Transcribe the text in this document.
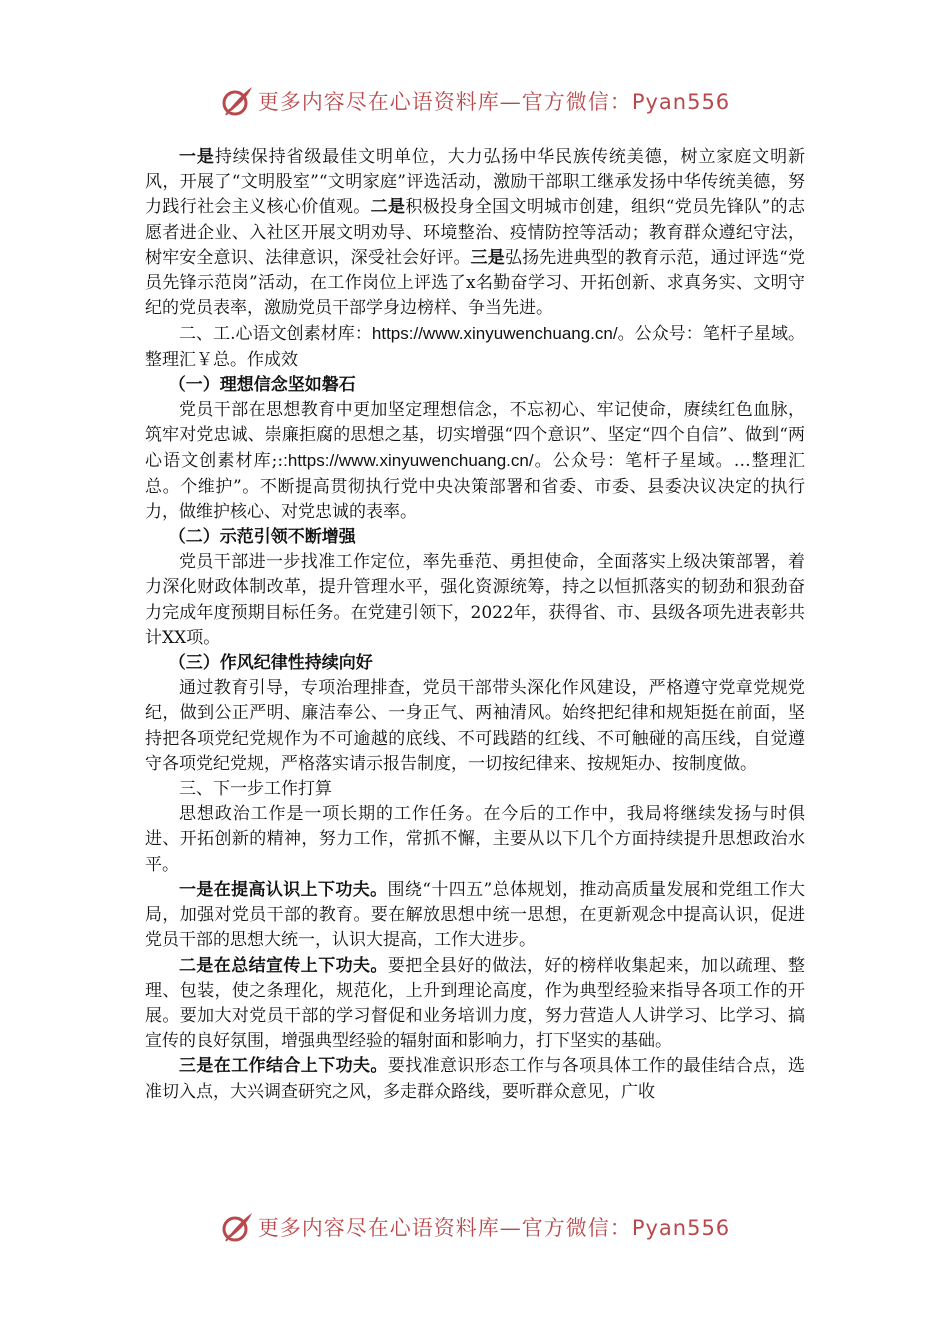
更多内容尽在心语资料库—官方微信：Pyan556

一是持续保持省级最佳文明单位，大力弘扬中华民族传统美德，树立家庭文明新风，开展了“文明股室”“文明家庭”评选活动，激励干部职工继承发扬中华传统美德，努力践行社会主义核心价值观。二是积极投身全国文明城市创建，组织“党员先锋队”的志愿者进企业、入社区开展文明劝导、环境整治、疫情防控等活动；教育群众遵纪守法，树牢安全意识、法律意识，深受社会好评。三是弘扬先进典型的教育示范，通过评选“党员先锋示范岗”活动，在工作岗位上评选了x名勤奋学习、开拓创新、求真务实、文明守纪的党员表率，激励党员干部学身边榜样、争当先进。

二、工.心语文创素材库：https://www.xinyuwenchuang.cn/。公众号：笔杆子星域。整理汇￥总。作成效

（一）理想信念坚如磐石

党员干部在思想教育中更加坚定理想信念，不忘初心、牢记使命，赓续红色血脉，筑牢对党忠诚、崇廉拒腐的思想之基，切实增强“四个意识”、坚定“四个自信”、做到“两心语文创素材库;::https://www.xinyuwenchuang.cn/。公众号：笔杆子星域。…整理汇总。个维护”。不断提高贯彻执行党中央决策部署和省委、市委、县委决议决定的执行力，做维护核心、对党忠诚的表率。

（二）示范引领不断增强

党员干部进一步找准工作定位，率先垂范、勇担使命，全面落实上级决策部署，着力深化财政体制改革，提升管理水平，强化资源统筹，持之以恒抓落实的韧劲和狠劲奋力完成年度预期目标任务。在党建引领下，2022年，获得省、市、县级各项先进表彰共计XX项。

（三）作风纪律性持续向好

通过教育引导，专项治理排查，党员干部带头深化作风建设，严格遵守党章党规党纪，做到公正严明、廉洁奉公、一身正气、两袖清风。始终把纪律和规矩挺在前面，坚持把各项党纪党规作为不可逾越的底线、不可践踏的红线、不可触碰的高压线，自觉遵守各项党纪党规，严格落实请示报告制度，一切按纪律来、按规矩办、按制度做。

三、下一步工作打算

思想政治工作是一项长期的工作任务。在今后的工作中，我局将继续发扬与时俱进、开拓创新的精神，努力工作，常抓不懈，主要从以下几个方面持续提升思想政治水平。

一是在提高认识上下功夫。围绕“十四五”总体规划，推动高质量发展和党组工作大局，加强对党员干部的教育。要在解放思想中统一思想，在更新观念中提高认识，促进党员干部的思想大统一，认识大提高，工作大进步。

二是在总结宣传上下功夫。要把全县好的做法，好的榜样收集起来，加以疏理、整理、包装，使之条理化，规范化，上升到理论高度，作为典型经验来指导各项工作的开展。要加大对党员干部的学习督促和业务培训力度，努力营造人人讲学习、比学习、搞宣传的良好氛围，增强典型经验的辐射面和影响力，打下坚实的基础。

三是在工作结合上下功夫。要找准意识形态工作与各项具体工作的最佳结合点，选准切入点，大兴调查研究之风，多走群众路线，要听群众意见，广收

更多内容尽在心语资料库—官方微信：Pyan556
